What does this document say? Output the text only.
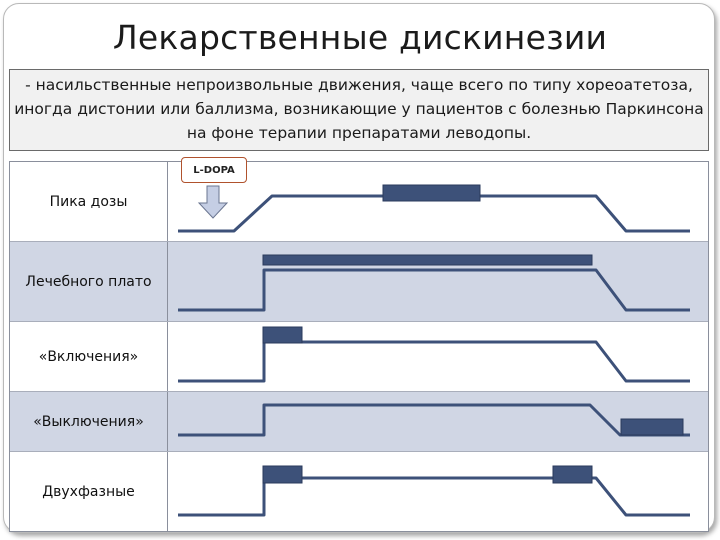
Лекарственные дискинезии
- насильственные непроизвольные движения, чаще всего по типу хореоатетоза, иногда дистонии или баллизма, возникающие у пациентов с болезнью Паркинсона на фоне терапии препаратами леводопы.
Пика дозы
Лечебного плато
«Включения»
«Выключения»
Двухфазные
L-DOPA
